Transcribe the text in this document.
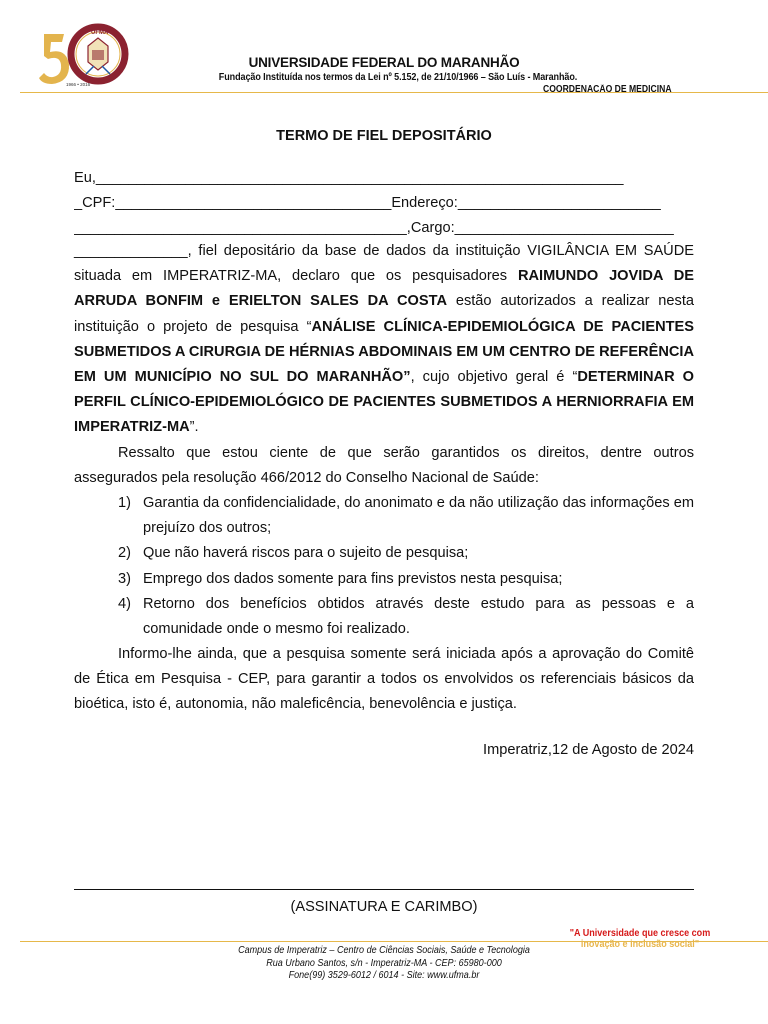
UFMA
1966 • 2016
UNIVERSIDADE FEDERAL DO MARANHÃO
Fundação Instituída nos termos da Lei nº 5.152, de 21/10/1966 – São Luís - Maranhão.
COORDENAÇÃO DE MEDICINA
TERMO DE FIEL DEPOSITÁRIO
Eu,_________________________________________________________________
_CPF:__________________________________Endereço:_________________________
_________________________________________,Cargo:___________________________
______________, fiel depositário da base de dados da instituição VIGILÂNCIA EM SAÚDE situada em IMPERATRIZ-MA, declaro que os pesquisadores RAIMUNDO JOVIDA DE ARRUDA BONFIM e ERIELTON SALES DA COSTA estão autorizados a realizar nesta instituição o projeto de pesquisa “ANÁLISE CLÍNICA-EPIDEMIOLÓGICA DE PACIENTES SUBMETIDOS A CIRURGIA DE HÉRNIAS ABDOMINAIS EM UM CENTRO DE REFERÊNCIA EM UM MUNICÍPIO NO SUL DO MARANHÃO”, cujo objetivo geral é “DETERMINAR O PERFIL CLÍNICO-EPIDEMIOLÓGICO DE PACIENTES SUBMETIDOS A HERNIORRAFIA EM IMPERATRIZ-MA”.
Ressalto que estou ciente de que serão garantidos os direitos, dentre outros assegurados pela resolução 466/2012 do Conselho Nacional de Saúde:
1) Garantia da confidencialidade, do anonimato e da não utilização das informações em prejuízo dos outros;
2) Que não haverá riscos para o sujeito de pesquisa;
3) Emprego dos dados somente para fins previstos nesta pesquisa;
4) Retorno dos benefícios obtidos através deste estudo para as pessoas e a comunidade onde o mesmo foi realizado.
Informo-lhe ainda, que a pesquisa somente será iniciada após a aprovação do Comitê de Ética em Pesquisa - CEP, para garantir a todos os envolvidos os referenciais básicos da bioética, isto é, autonomia, não maleficência, benevolência e justiça.
Imperatriz,12 de Agosto de 2024
(ASSINATURA E CARIMBO)
"A Universidade que cresce com
inovação e inclusão social"
Campus de Imperatriz – Centro de Ciências Sociais, Saúde e Tecnologia
Rua Urbano Santos, s/n - Imperatriz-MA - CEP: 65980-000
Fone(99) 3529-6012 / 6014 - Site: www.ufma.br
